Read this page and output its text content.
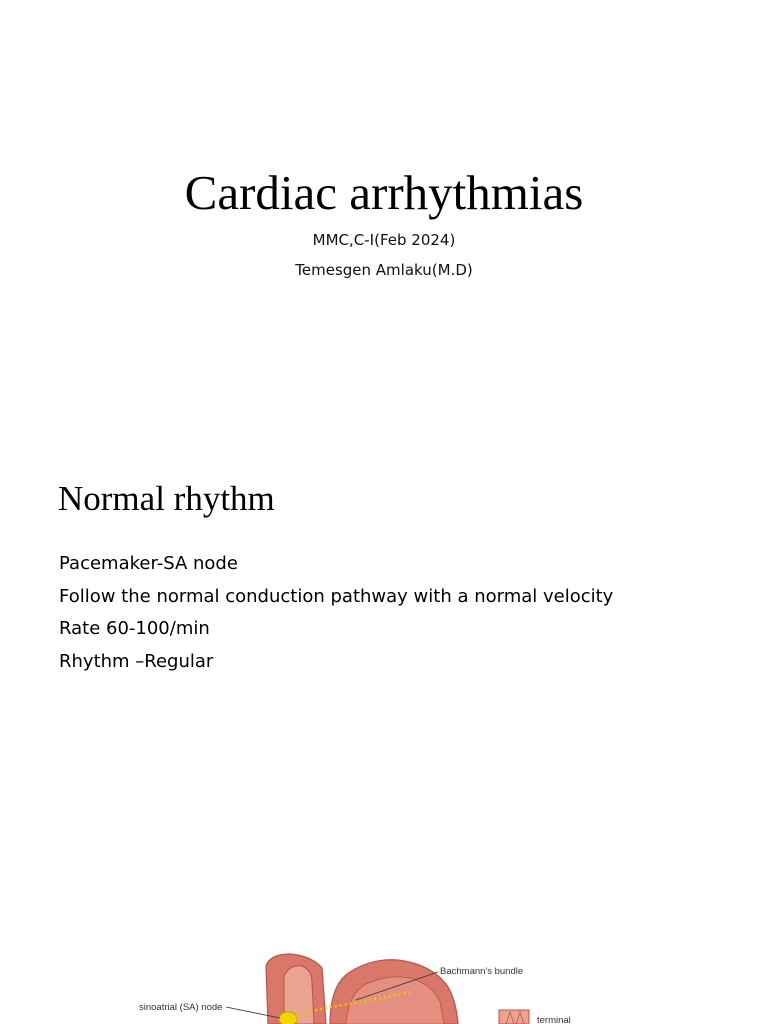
Cardiac arrhythmias
MMC,C-I(Feb 2024)
Temesgen Amlaku(M.D)
Normal rhythm
Pacemaker-SA node
Follow the normal conduction pathway with a normal velocity
Rate 60-100/min
Rhythm –Regular
Bachmann's bundle
sinoatrial (SA) node
terminal
